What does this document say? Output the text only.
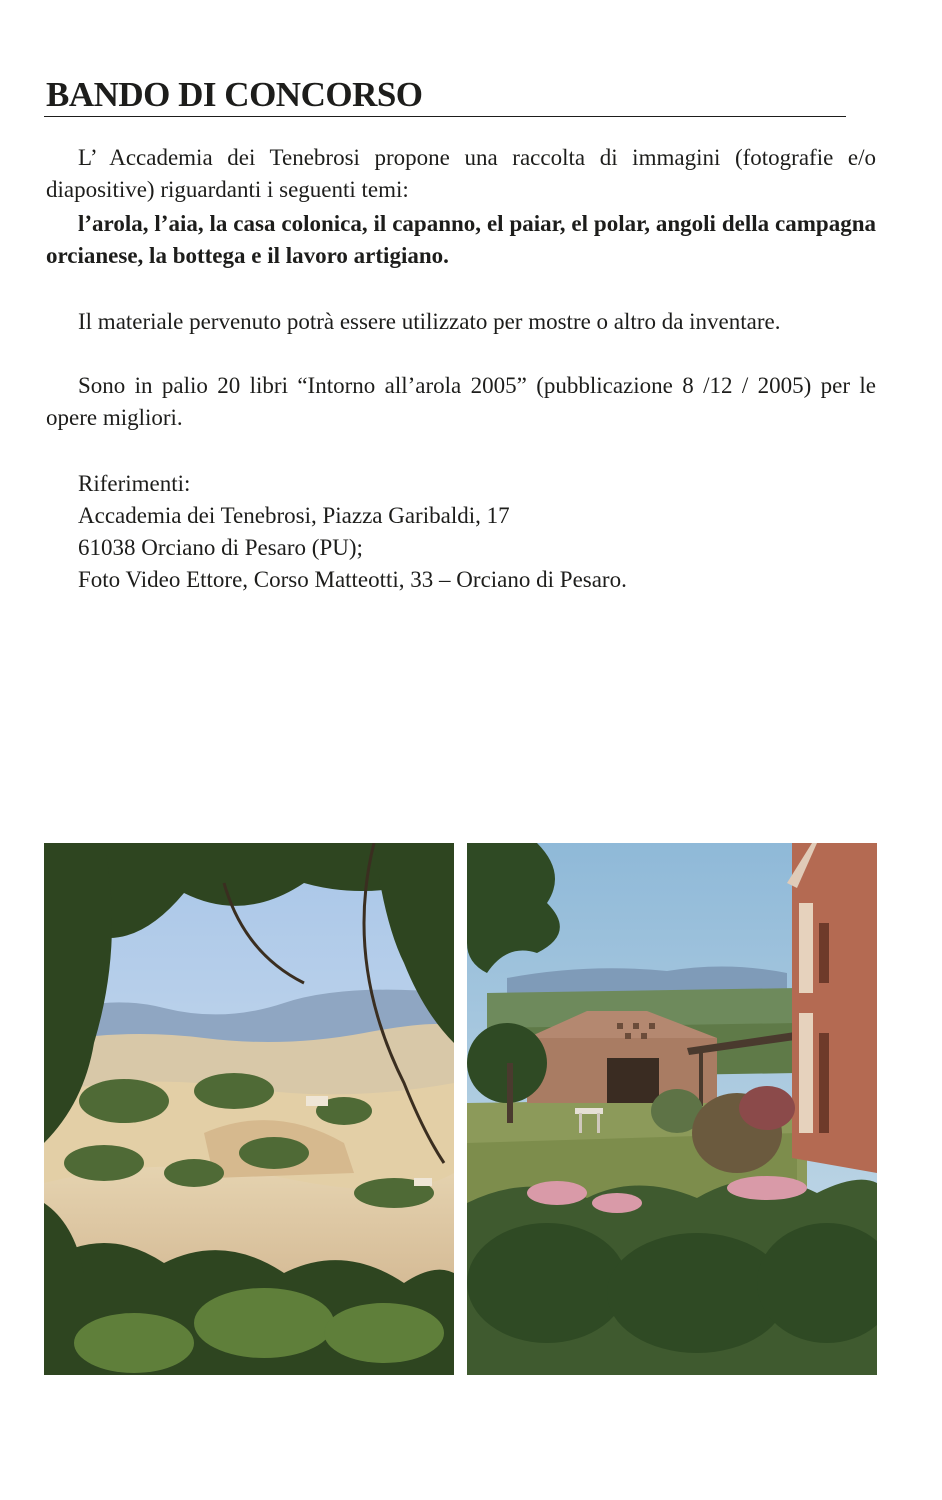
BANDO DI CONCORSO

L’ Accademia dei Tenebrosi propone una raccolta di immagini (fotografie e/o diapositive) riguardanti i seguenti temi:

l’arola, l’aia, la casa colonica, il capanno, el paiar, el polar, angoli della campagna orcianese, la bottega e il lavoro artigiano.

Il materiale pervenuto potrà essere utilizzato per mostre o altro da inventare.

Sono in palio 20 libri “Intorno all’arola 2005” (pubblicazione 8 /12 / 2005) per le opere migliori.

Riferimenti:
Accademia dei Tenebrosi, Piazza Garibaldi, 17
61038 Orciano di Pesaro (PU);
Foto Video Ettore, Corso Matteotti, 33 – Orciano di Pesaro.
